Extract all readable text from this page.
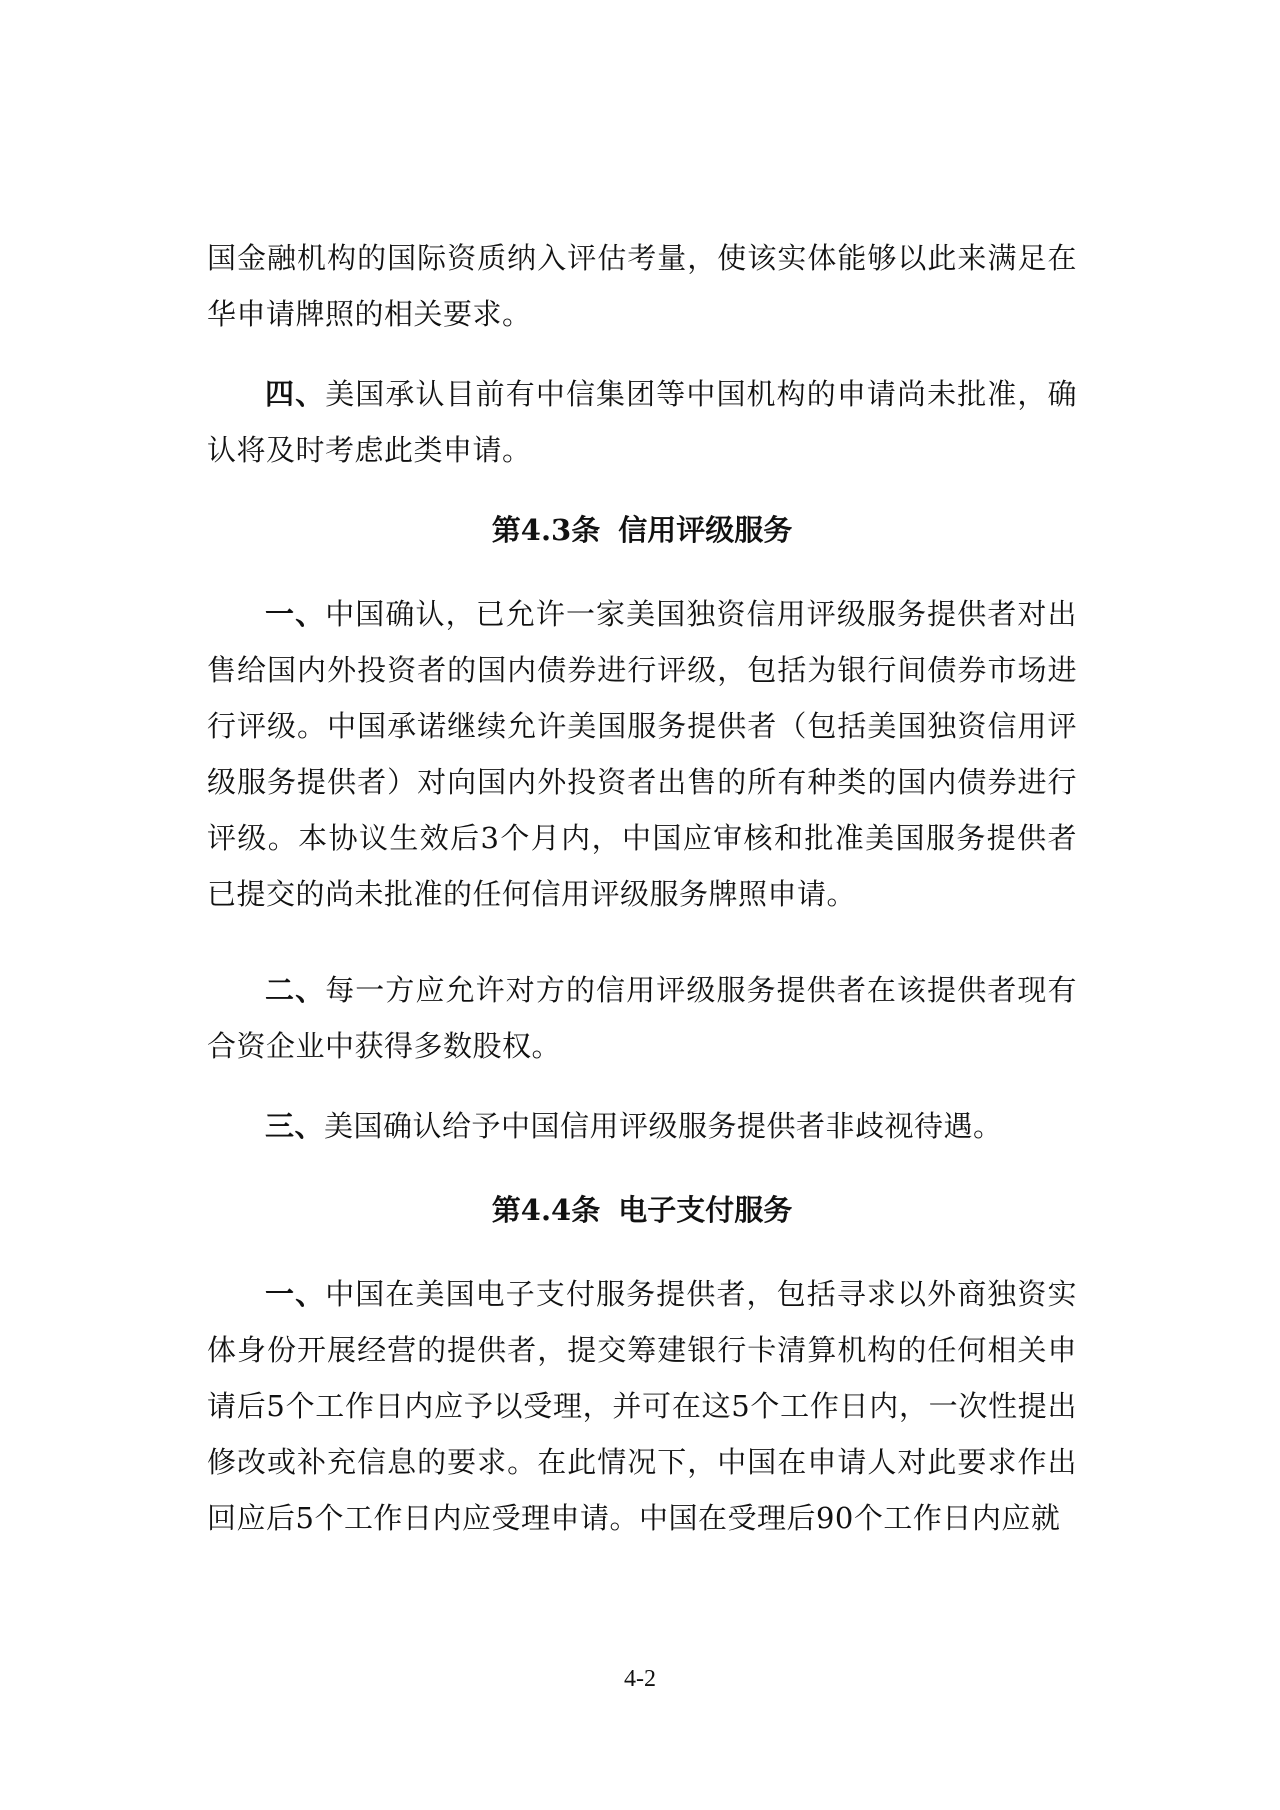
国金融机构的国际资质纳入评估考量，使该实体能够以此来满足在华申请牌照的相关要求。

四、美国承认目前有中信集团等中国机构的申请尚未批准，确认将及时考虑此类申请。

第4.3条 信用评级服务

一、中国确认，已允许一家美国独资信用评级服务提供者对出售给国内外投资者的国内债券进行评级，包括为银行间债券市场进行评级。中国承诺继续允许美国服务提供者（包括美国独资信用评级服务提供者）对向国内外投资者出售的所有种类的国内债券进行评级。本协议生效后3个月内，中国应审核和批准美国服务提供者已提交的尚未批准的任何信用评级服务牌照申请。

二、每一方应允许对方的信用评级服务提供者在该提供者现有合资企业中获得多数股权。

三、美国确认给予中国信用评级服务提供者非歧视待遇。

第4.4条 电子支付服务

一、中国在美国电子支付服务提供者，包括寻求以外商独资实体身份开展经营的提供者，提交筹建银行卡清算机构的任何相关申请后5个工作日内应予以受理，并可在这5个工作日内，一次性提出修改或补充信息的要求。在此情况下，中国在申请人对此要求作出回应后5个工作日内应受理申请。中国在受理后90个工作日内应就

4-2
